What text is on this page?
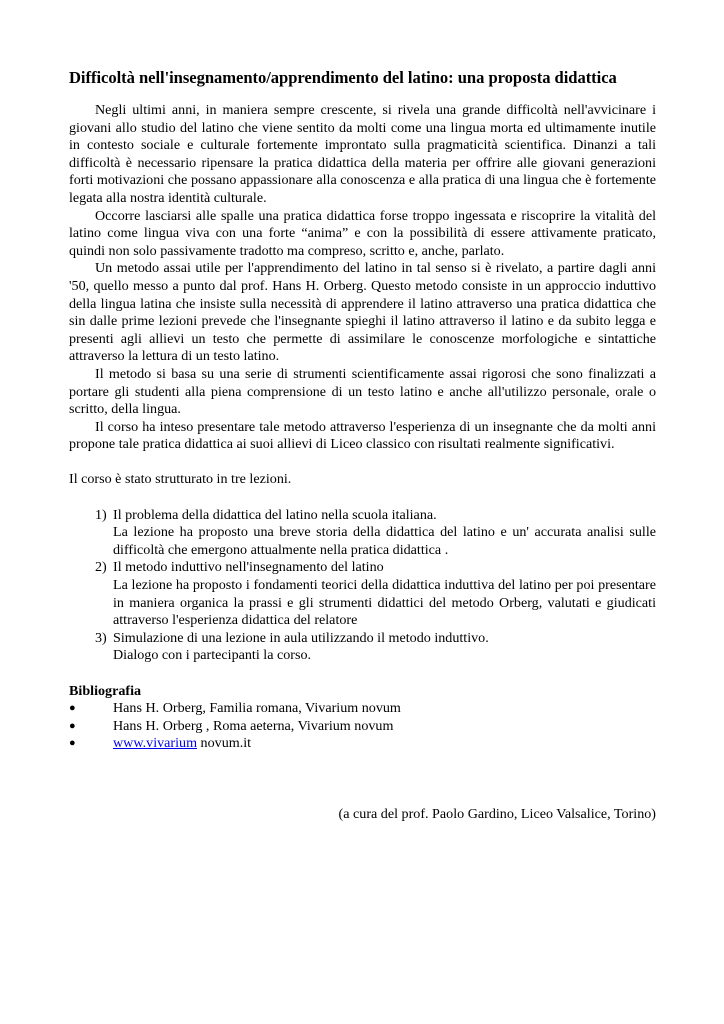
Difficoltà nell'insegnamento/apprendimento del latino: una proposta didattica

Negli ultimi anni, in maniera sempre crescente, si rivela una grande difficoltà nell'avvicinare i giovani allo studio del latino che viene sentito da molti come una lingua morta ed ultimamente inutile in contesto sociale e culturale fortemente improntato sulla pragmaticità scientifica. Dinanzi a tali difficoltà è necessario ripensare la pratica didattica della materia per offrire alle giovani generazioni forti motivazioni che possano appassionare alla conoscenza e alla pratica di una lingua che è fortemente legata alla nostra identità culturale.

Occorre lasciarsi alle spalle una pratica didattica forse troppo ingessata e riscoprire la vitalità del latino come lingua viva con una forte “anima” e con la possibilità di essere attivamente praticato, quindi non solo passivamente tradotto ma compreso, scritto e, anche, parlato.

Un metodo assai utile per l'apprendimento del latino in tal senso si è rivelato, a partire dagli anni '50, quello messo a punto dal prof. Hans H. Orberg. Questo metodo consiste in un approccio induttivo della lingua latina che insiste sulla necessità di apprendere il latino attraverso una pratica didattica che sin dalle prime lezioni prevede che l'insegnante spieghi il latino attraverso il latino e da subito legga e presenti agli allievi un testo che permette di assimilare le conoscenze morfologiche e sintattiche attraverso la lettura di un testo latino.

Il metodo si basa su una serie di strumenti scientificamente assai rigorosi che sono finalizzati a portare gli studenti alla piena comprensione di un testo latino e anche all'utilizzo personale, orale o scritto, della lingua.

Il corso ha inteso presentare tale metodo attraverso l'esperienza di un insegnante che da molti anni propone tale pratica didattica ai suoi allievi di Liceo classico con risultati realmente significativi.

Il corso è stato strutturato in tre lezioni.

1) Il problema della didattica del latino nella scuola italiana.
La lezione ha proposto una breve storia della didattica del latino e un' accurata analisi sulle difficoltà che emergono attualmente nella pratica didattica .
2) Il metodo induttivo nell'insegnamento del latino
La lezione ha proposto i fondamenti teorici della didattica induttiva del latino per poi presentare in maniera organica la prassi e gli strumenti didattici del metodo Orberg, valutati e giudicati attraverso l'esperienza didattica del relatore
3) Simulazione di una lezione in aula utilizzando il metodo induttivo.
Dialogo con i partecipanti la corso.

Bibliografia

●	Hans H. Orberg, Familia romana, Vivarium novum
●	Hans H. Orberg , Roma aeterna, Vivarium novum
●	www.vivarium novum.it

(a cura del prof. Paolo Gardino, Liceo Valsalice, Torino)
